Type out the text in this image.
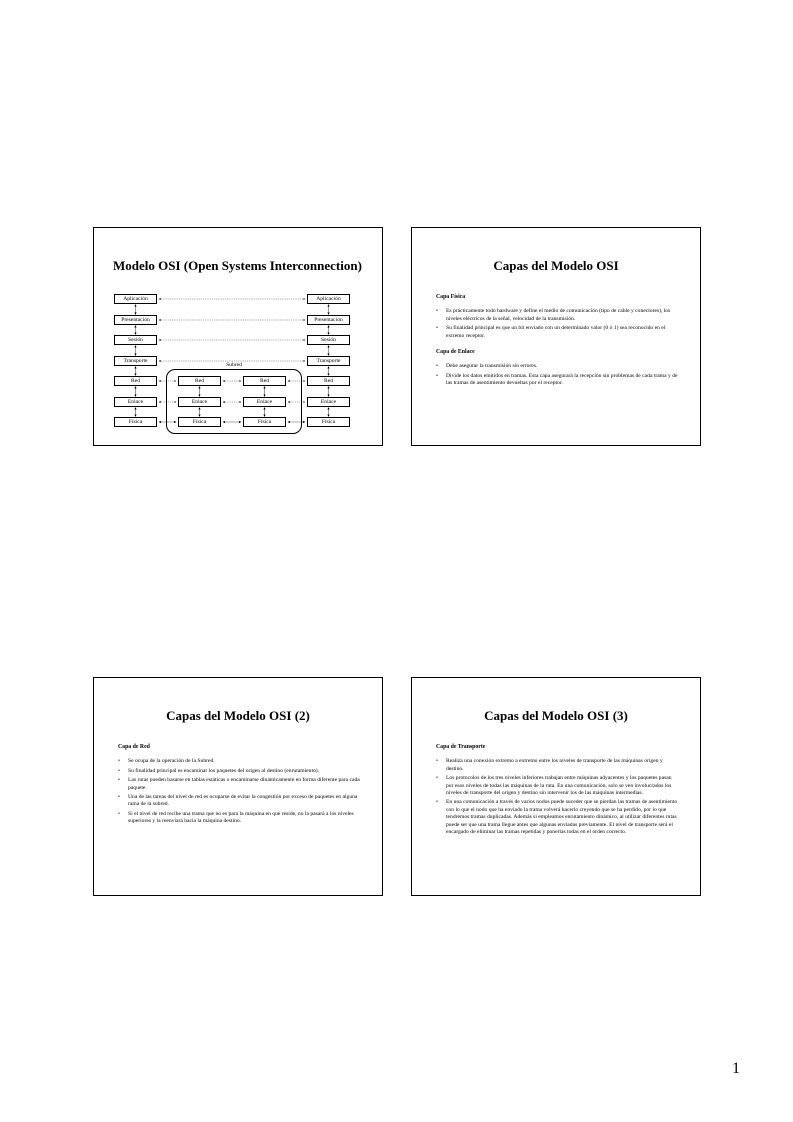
Modelo OSI (Open Systems Interconnection)
Subred
Aplicación
Presentación
Sesión
Transporte
Red
Enlace
Física
Red
Enlace
Física
Red
Enlace
Física
Aplicación
Presentación
Sesión
Transporte
Red
Enlace
Física
Capas del Modelo OSI
Capa Física
• Es prácticamente todo hardware y define el medio de comunicación (tipo de cable y conectores), los niveles eléctricos de la señal, velocidad de la transmisión.
• Su finalidad principal es que un bit enviado con un determinado valor (0 ó 1) sea reconocido en el extremo receptor.
Capa de Enlace
• Debe asegurar la transmisión sin errores.
• Divide los datos emitidos en tramas. Esta capa asegurará la recepción sin problemas de cada trama y de las tramas de asentimiento devueltas por el receptor.
Capas del Modelo OSI (2)
Capa de Red
• Se ocupa de la operación de la Subred.
• Su finalidad principal es encaminar los paquetes del origen al destino (enrutamiento).
• Las rutas pueden basarse en tablas estáticas o encaminarse dinámicamente en forma diferente para cada paquete.
• Una de las tareas del nivel de red es ocuparse de evitar la congestión por exceso de paquetes en alguna rama de la subred.
• Si el nivel de red recibe una trama que no es para la máquina en que reside, no la pasará a los niveles superiores y la reenviará hacia la máquina destino.
Capas del Modelo OSI (3)
Capa de Transporte
• Realiza una conexión extremo a extremo entre los niveles de transporte de las máquinas origen y destino.
• Los protocolos de los tres niveles inferiores trabajan entre máquinas adyacentes y los paquetes pasan por esos niveles de todas las máquinas de la ruta. En una comunicación, solo se ven involucrados los niveles de transporte del origen y destino sin intervenir los de las máquinas intermedias.
• En una comunicación a través de varios nodos puede suceder que se pierdan las tramas de asentimiento con lo que el nodo que ha enviado la trama volverá hacerlo creyendo que se ha perdido, por lo que tendremos tramas duplicadas. Además si empleamos enrutamiento dinámico, al utilizar diferentes rutas puede ser que una trama llegue antes que algunas enviadas previamente. El nivel de transporte será el encargado de eliminar las tramas repetidas y ponerlas todas en el orden correcto.
1
